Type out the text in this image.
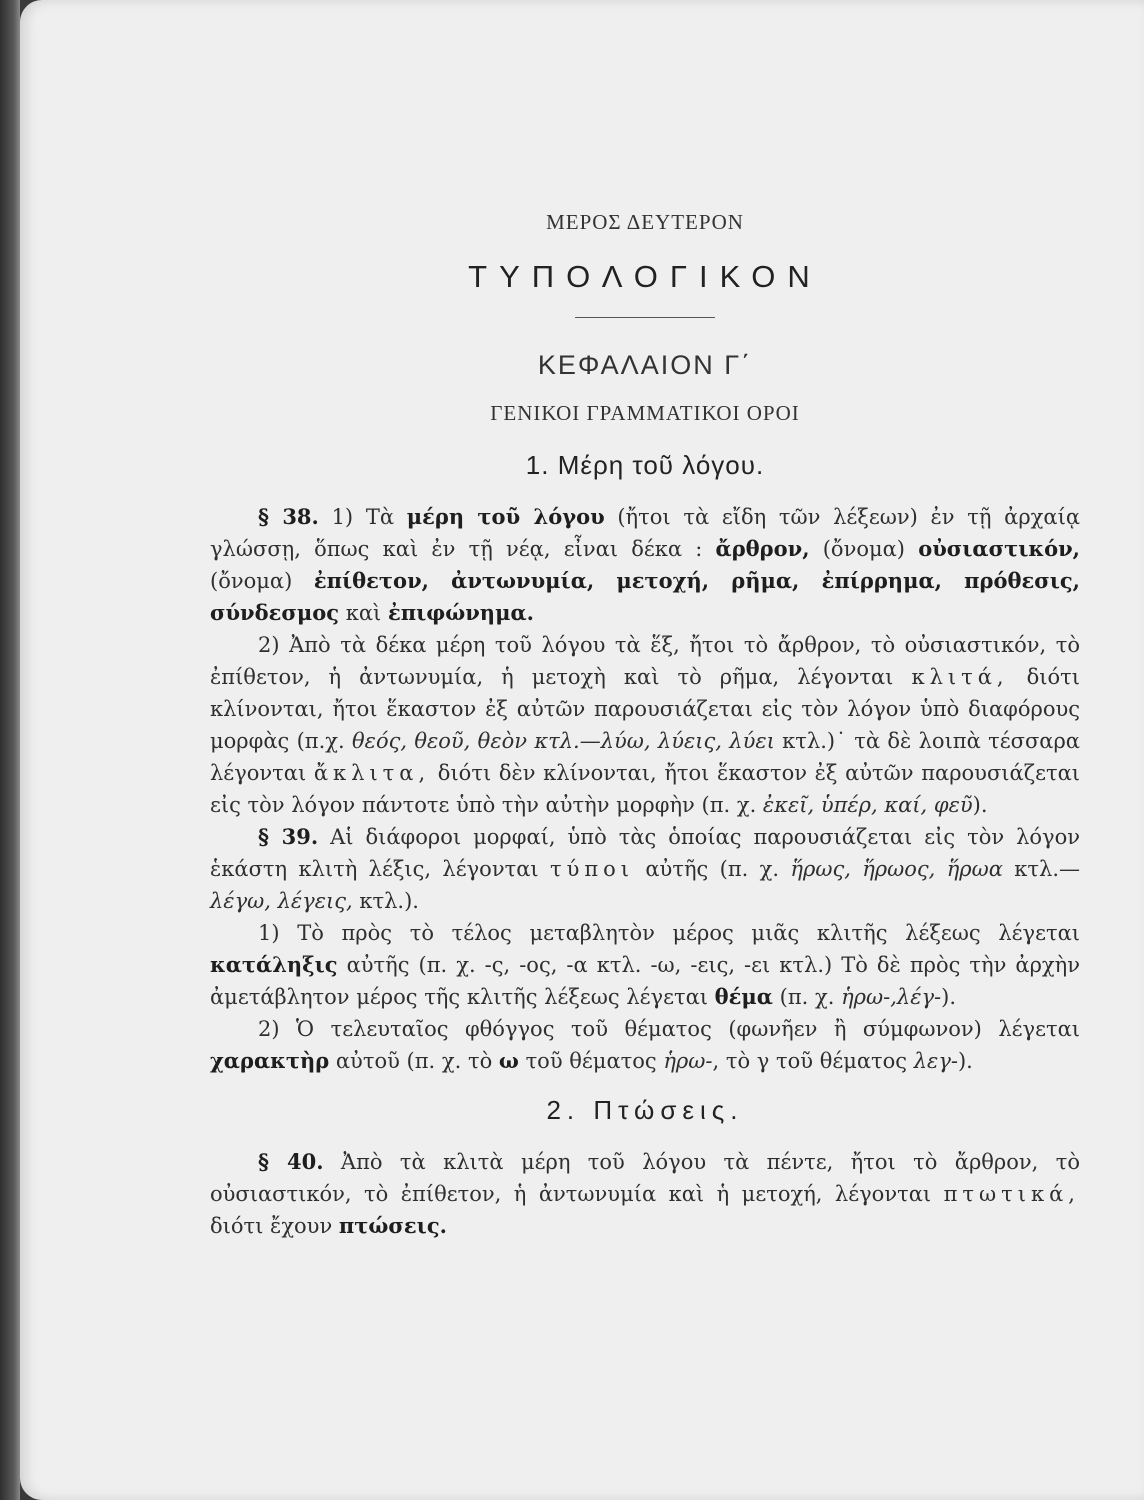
ΜΕΡΟΣ ΔΕΥΤΕΡΟΝ
ΤΥΠΟΛΟΓΙΚΟΝ
ΚΕΦΑΛΑΙΟΝ Γ΄
ΓΕΝΙΚΟΙ ΓΡΑΜΜΑΤΙΚΟΙ ΟΡΟΙ
1. Μέρη τοῦ λόγου.

§ 38. 1) Τὰ μέρη τοῦ λόγου (ἤτοι τὰ εἴδη τῶν λέξεων) ἐν τῇ ἀρχαίᾳ γλώσσῃ, ὅπως καὶ ἐν τῇ νέᾳ, εἶναι δέκα : ἄρθρον, (ὄνομα) οὐσιαστικόν, (ὄνομα) ἐπίθετον, ἀντωνυμία, μετοχή, ρῆμα, ἐπίρρημα, πρόθεσις, σύνδεσμος καὶ ἐπιφώνημα.

2) Ἀπὸ τὰ δέκα μέρη τοῦ λόγου τὰ ἕξ, ἤτοι τὸ ἄρθρον, τὸ οὐσιαστικόν, τὸ ἐπίθετον, ἡ ἀντωνυμία, ἡ μετοχὴ καὶ τὸ ρῆμα, λέγονται κλιτά, διότι κλίνονται, ἤτοι ἕκαστον ἐξ αὐτῶν παρουσιάζεται εἰς τὸν λόγον ὑπὸ διαφόρους μορφὰς (π.χ. θεός, θεοῦ, θεὸν κτλ.—λύω, λύεις, λύει κτλ.)˙ τὰ δὲ λοιπὰ τέσσαρα λέγονται ἄκλιτα, διότι δὲν κλίνονται, ἤτοι ἕκαστον ἐξ αὐτῶν παρουσιάζεται εἰς τὸν λόγον πάντοτε ὑπὸ τὴν αὐτὴν μορφὴν (π. χ. ἐκεῖ, ὑπέρ, καί, φεῦ).

§ 39. Αἱ διάφοροι μορφαί, ὑπὸ τὰς ὁποίας παρουσιάζεται εἰς τὸν λόγον ἑκάστη κλιτὴ λέξις, λέγονται τύποι αὐτῆς (π. χ. ἥρως, ἥρωος, ἥρωα κτλ.— λέγω, λέγεις, κτλ.).

1) Τὸ πρὸς τὸ τέλος μεταβλητὸν μέρος μιᾶς κλιτῆς λέξεως λέγεται κατάληξις αὐτῆς (π. χ. -ς, -ος, -α κτλ. -ω, -εις, -ει κτλ.) Τὸ δὲ πρὸς τὴν ἀρχὴν ἀμετάβλητον μέρος τῆς κλιτῆς λέξεως λέγεται θέμα (π. χ. ἡρω-,λέγ-).

2) Ὁ τελευταῖος φθόγγος τοῦ θέματος (φωνῆεν ἢ σύμφωνον) λέγεται χαρακτὴρ αὐτοῦ (π. χ. τὸ ω τοῦ θέματος ἡρω-, τὸ γ τοῦ θέματος λεγ-).

2. Πτώσεις.

§ 40. Ἀπὸ τὰ κλιτὰ μέρη τοῦ λόγου τὰ πέντε, ἤτοι τὸ ἄρθρον, τὸ οὐσιαστικόν, τὸ ἐπίθετον, ἡ ἀντωνυμία καὶ ἡ μετοχή, λέγονται πτωτικά, διότι ἔχουν πτώσεις.
